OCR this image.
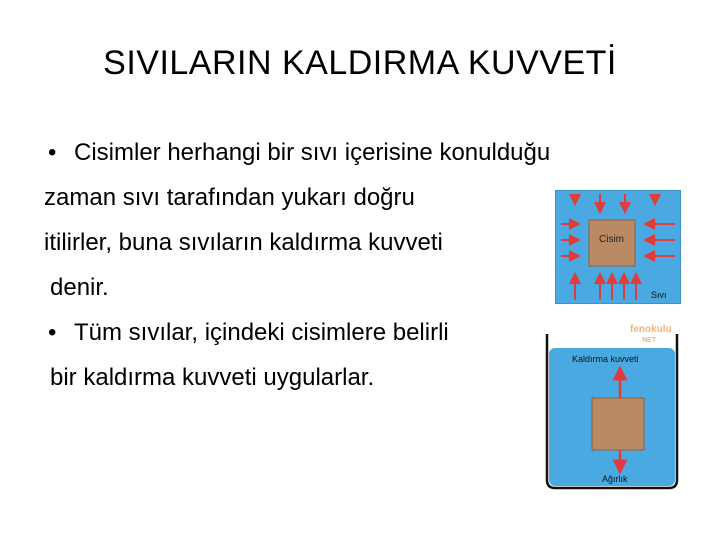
SIVILARIN KALDIRMA KUVVETİ
• Cisimler herhangi bir sıvı içerisine konulduğu
zaman sıvı tarafından yukarı doğru
itilirler, buna sıvıların kaldırma kuvveti
denir.
• Tüm sıvılar, içindeki cisimlere belirli
bir kaldırma kuvveti uygularlar.
Cisim
Sıvı
fenokulu
NET
Kaldırma kuvveti
Ağırlık
